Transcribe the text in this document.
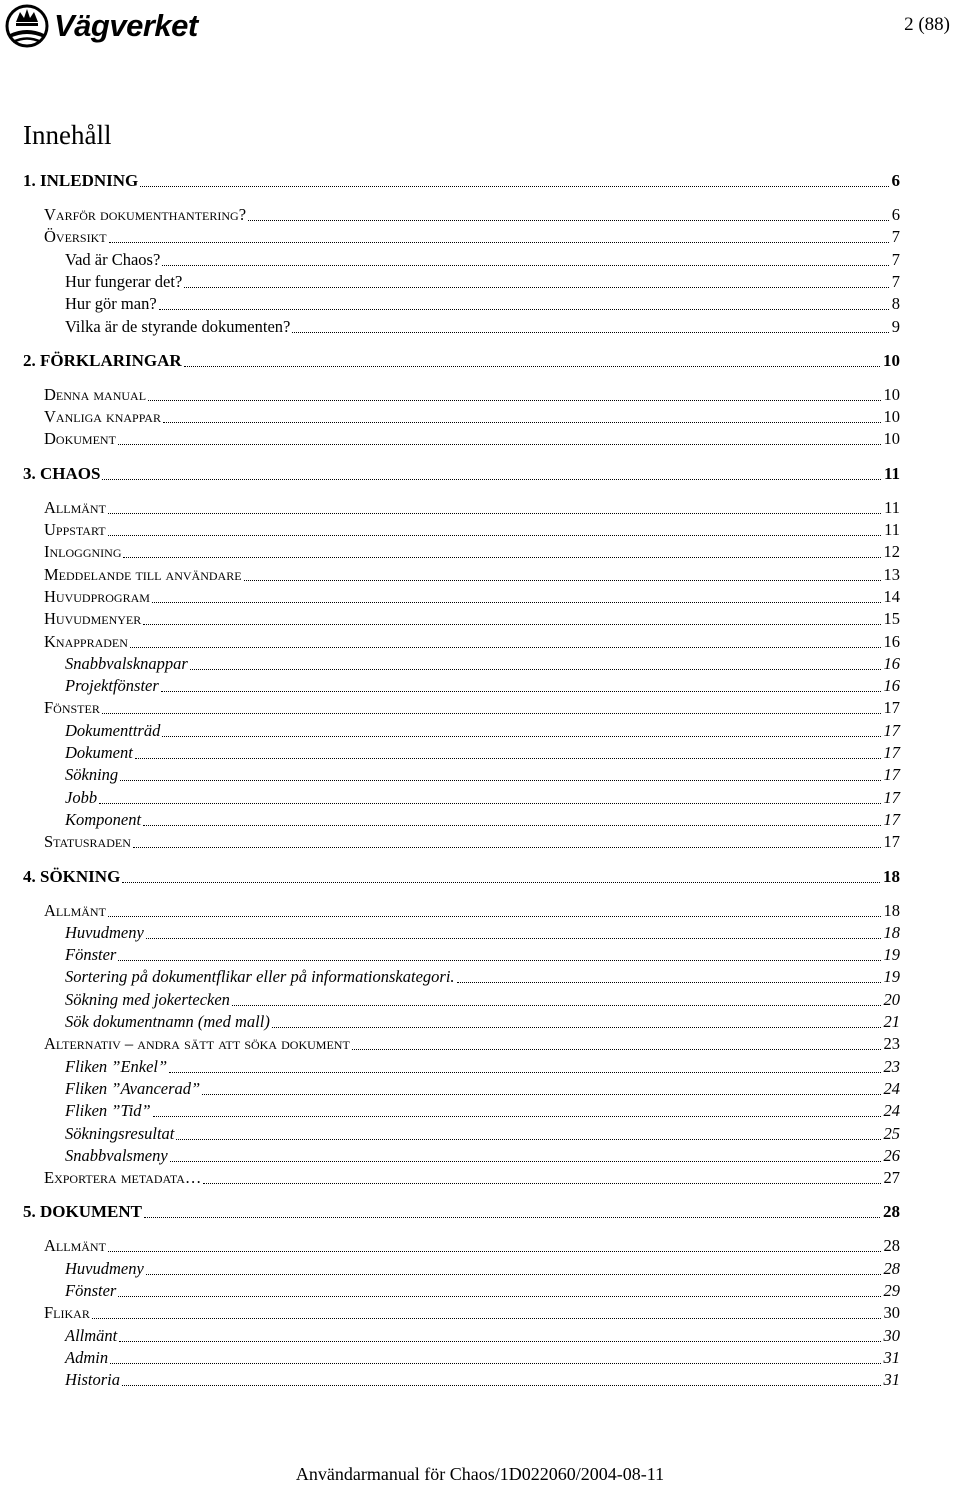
Vägverket	2 (88)
Innehåll
1. INLEDNING	6
Varför dokumenthantering?	6
Översikt	7
Vad är Chaos?	7
Hur fungerar det?	7
Hur gör man?	8
Vilka är de styrande dokumenten?	9
2. FÖRKLARINGAR	10
Denna manual	10
Vanliga knappar	10
Dokument	10
3. CHAOS	11
Allmänt	11
Uppstart	11
Inloggning	12
Meddelande till användare	13
Huvudprogram	14
Huvudmenyer	15
Knappraden	16
Snabbvalsknappar	16
Projektfönster	16
Fönster	17
Dokumentträd	17
Dokument	17
Sökning	17
Jobb	17
Komponent	17
Statusraden	17
4. SÖKNING	18
Allmänt	18
Huvudmeny	18
Fönster	19
Sortering på dokumentflikar eller på informationskategori.	19
Sökning med jokertecken	20
Sök dokumentnamn (med mall)	21
Alternativ – andra sätt att söka dokument	23
Fliken ”Enkel”	23
Fliken ”Avancerad”	24
Fliken ”Tid”	24
Sökningsresultat	25
Snabbvalsmeny	26
Exportera metadata…	27
5. DOKUMENT	28
Allmänt	28
Huvudmeny	28
Fönster	29
Flikar	30
Allmänt	30
Admin	31
Historia	31
Användarmanual för Chaos/1D022060/2004-08-11
